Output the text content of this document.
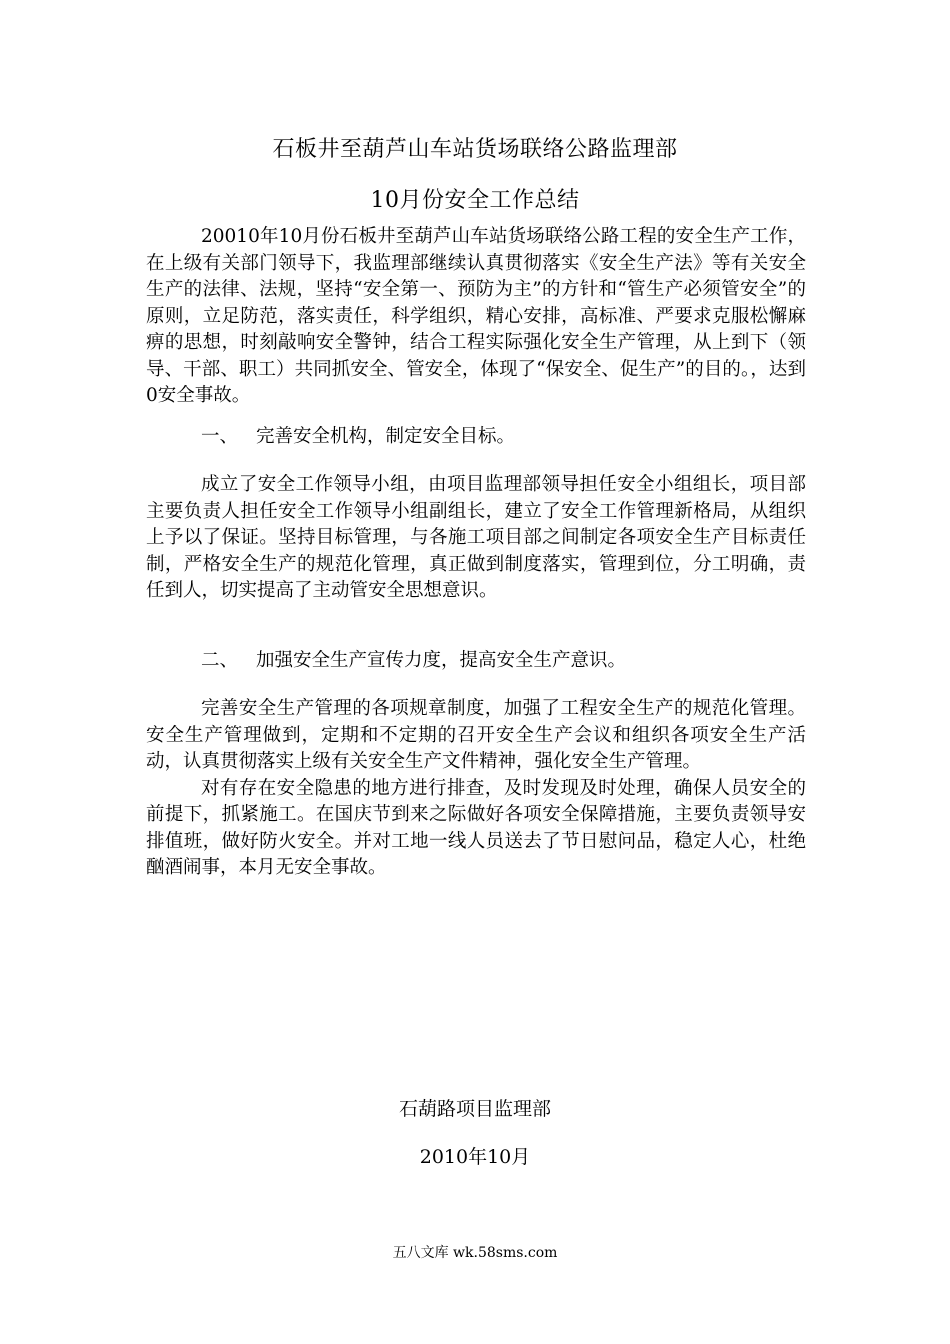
石板井至葫芦山车站货场联络公路监理部
10月份安全工作总结

20010年10月份石板井至葫芦山车站货场联络公路工程的安全生产工作，在上级有关部门领导下，我监理部继续认真贯彻落实《安全生产法》等有关安全生产的法律、法规，坚持“安全第一、预防为主”的方针和“管生产必须管安全”的原则，立足防范，落实责任，科学组织，精心安排，高标准、严要求克服松懈麻痹的思想，时刻敲响安全警钟，结合工程实际强化安全生产管理，从上到下（领导、干部、职工）共同抓安全、管安全，体现了“保安全、促生产”的目的。，达到0安全事故。

一、 完善安全机构，制定安全目标。

成立了安全工作领导小组，由项目监理部领导担任安全小组组长，项目部主要负责人担任安全工作领导小组副组长，建立了安全工作管理新格局，从组织上予以了保证。坚持目标管理，与各施工项目部之间制定各项安全生产目标责任制，严格安全生产的规范化管理，真正做到制度落实，管理到位，分工明确，责任到人，切实提高了主动管安全思想意识。

二、 加强安全生产宣传力度，提高安全生产意识。

完善安全生产管理的各项规章制度，加强了工程安全生产的规范化管理。安全生产管理做到，定期和不定期的召开安全生产会议和组织各项安全生产活动，认真贯彻落实上级有关安全生产文件精神，强化安全生产管理。

对有存在安全隐患的地方进行排查，及时发现及时处理，确保人员安全的前提下，抓紧施工。在国庆节到来之际做好各项安全保障措施，主要负责领导安排值班，做好防火安全。并对工地一线人员送去了节日慰问品，稳定人心，杜绝酗酒闹事，本月无安全事故。

石葫路项目监理部
2010年10月
五八文库 wk.58sms.com
